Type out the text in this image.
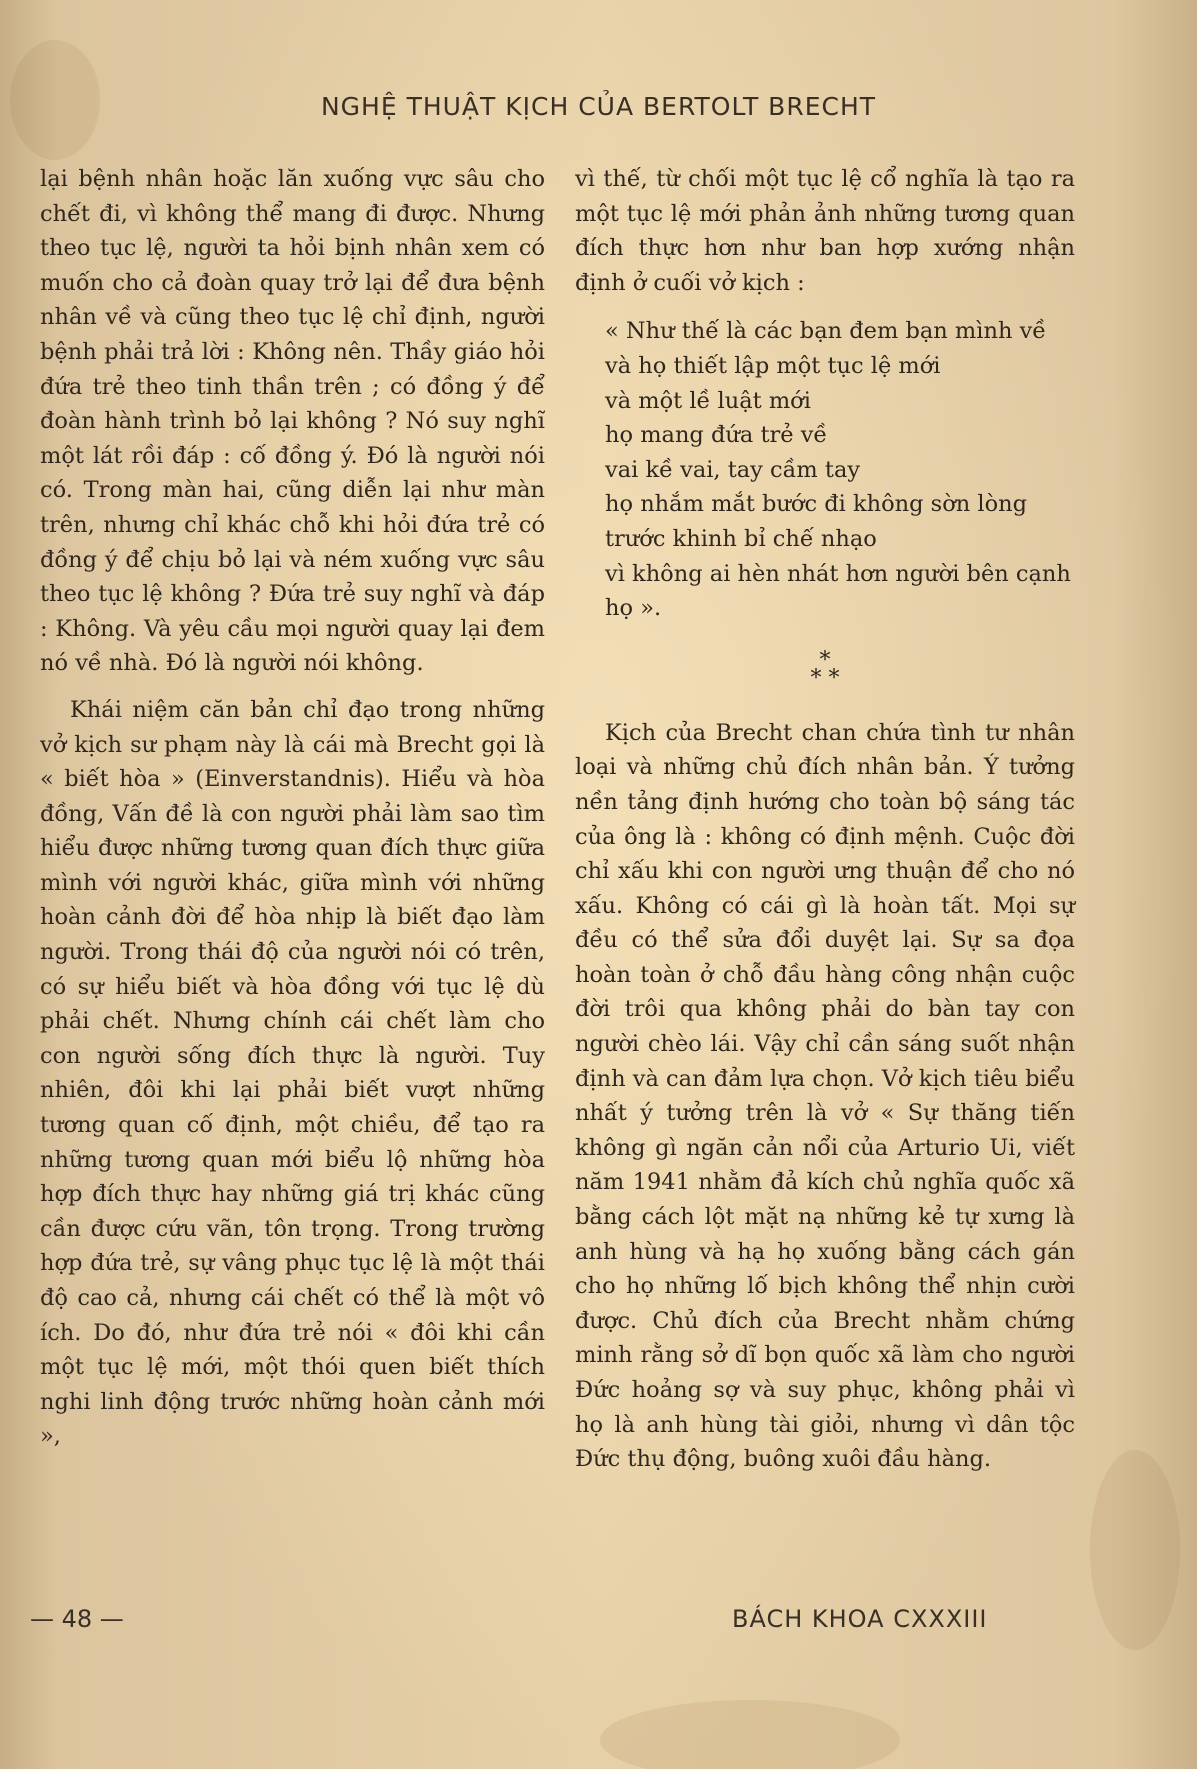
NGHỆ THUẬT KỊCH CỦA BERTOLT BRECHT

lại bệnh nhân hoặc lăn xuống vực sâu cho chết đi, vì không thể mang đi được. Nhưng theo tục lệ, người ta hỏi bịnh nhân xem có muốn cho cả đoàn quay trở lại để đưa bệnh nhân về và cũng theo tục lệ chỉ định, người bệnh phải trả lời : Không nên. Thầy giáo hỏi đứa trẻ theo tinh thần trên ; có đồng ý để đoàn hành trình bỏ lại không ? Nó suy nghĩ một lát rồi đáp : cố đồng ý. Đó là người nói có. Trong màn hai, cũng diễn lại như màn trên, nhưng chỉ khác chỗ khi hỏi đứa trẻ có đồng ý để chịu bỏ lại và ném xuống vực sâu theo tục lệ không ? Đứa trẻ suy nghĩ và đáp : Không. Và yêu cầu mọi người quay lại đem nó về nhà. Đó là người nói không.

Khái niệm căn bản chỉ đạo trong những vở kịch sư phạm này là cái mà Brecht gọi là « biết hòa » (Einverstandnis). Hiểu và hòa đồng, Vấn đề là con người phải làm sao tìm hiểu được những tương quan đích thực giữa mình với người khác, giữa mình với những hoàn cảnh đời để hòa nhịp là biết đạo làm người. Trong thái độ của người nói có trên, có sự hiểu biết và hòa đồng với tục lệ dù phải chết. Nhưng chính cái chết làm cho con người sống đích thực là người. Tuy nhiên, đôi khi lại phải biết vượt những tương quan cố định, một chiều, để tạo ra những tương quan mới biểu lộ những hòa hợp đích thực hay những giá trị khác cũng cần được cứu vãn, tôn trọng. Trong trường hợp đứa trẻ, sự vâng phục tục lệ là một thái độ cao cả, nhưng cái chết có thể là một vô ích. Do đó, như đứa trẻ nói « đôi khi cần một tục lệ mới, một thói quen biết thích nghi linh động trước những hoàn cảnh mới »,

vì thế, từ chối một tục lệ cổ nghĩa là tạo ra một tục lệ mới phản ảnh những tương quan đích thực hơn như ban hợp xướng nhận định ở cuối vở kịch :

« Như thế là các bạn đem bạn mình về
và họ thiết lập một tục lệ mới
và một lề luật mới
họ mang đứa trẻ về
vai kề vai, tay cầm tay
họ nhắm mắt bước đi không sờn lòng
trước khinh bỉ chế nhạo
vì không ai hèn nhát hơn người bên cạnh họ ».
*
* *

Kịch của Brecht chan chứa tình tư nhân loại và những chủ đích nhân bản. Ý tưởng nền tảng định hướng cho toàn bộ sáng tác của ông là : không có định mệnh. Cuộc đời chỉ xấu khi con người ưng thuận để cho nó xấu. Không có cái gì là hoàn tất. Mọi sự đều có thể sửa đổi duyệt lại. Sự sa đọa hoàn toàn ở chỗ đầu hàng công nhận cuộc đời trôi qua không phải do bàn tay con người chèo lái. Vậy chỉ cần sáng suốt nhận định và can đảm lựa chọn. Vở kịch tiêu biểu nhất ý tưởng trên là vở « Sự thăng tiến không gì ngăn cản nổi của Arturio Ui, viết năm 1941 nhằm đả kích chủ nghĩa quốc xã bằng cách lột mặt nạ những kẻ tự xưng là anh hùng và hạ họ xuống bằng cách gán cho họ những lố bịch không thể nhịn cười được. Chủ đích của Brecht nhằm chứng minh rằng sở dĩ bọn quốc xã làm cho người Đức hoảng sợ và suy phục, không phải vì họ là anh hùng tài giỏi, nhưng vì dân tộc Đức thụ động, buông xuôi đầu hàng.

— 48 —	BÁCH KHOA CXXXIII
